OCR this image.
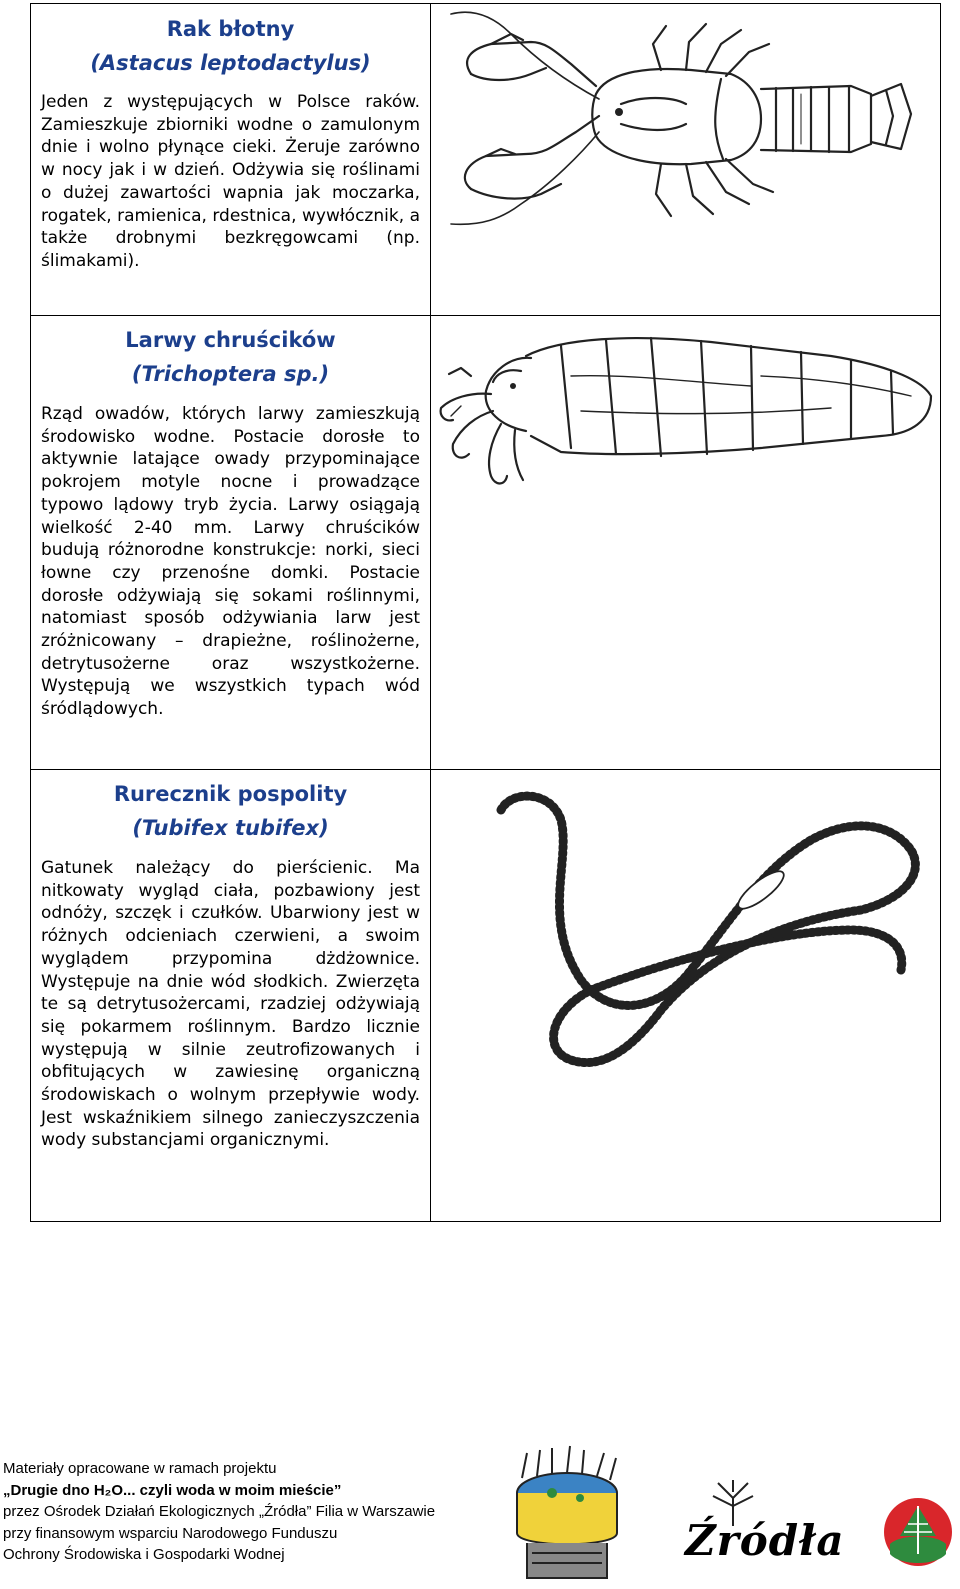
Rak błotny

(Astacus leptodactylus)

Jeden z występujących w Polsce raków. Zamieszkuje zbiorniki wodne o zamulonym dnie i wolno płynące cieki. Żeruje zarówno w nocy jak i w dzień. Odżywia się roślinami o dużej zawartości wapnia jak moczarka, rogatek, ramienica, rdestnica, wywłócznik, a także drobnymi bezkręgowcami (np. ślimakami).

Larwy chruścików

(Trichoptera sp.)

Rząd owadów, których larwy zamieszkują środowisko wodne. Postacie dorosłe to aktywnie latające owady przypominające pokrojem motyle nocne i prowadzące typowo lądowy tryb życia. Larwy osiągają wielkość 2-40 mm. Larwy chruścików budują różnorodne konstrukcje: norki, sieci łowne czy przenośne domki. Postacie dorosłe odżywiają się sokami roślinnymi, natomiast sposób odżywiania larw jest zróżnicowany – drapieżne, roślinożerne, detrytusożerne oraz wszystkożerne. Występują we wszystkich typach wód śródlądowych.

Rurecznik pospolity

(Tubifex tubifex)

Gatunek należący do pierścienic. Ma nitkowaty wygląd ciała, pozbawiony jest odnóży, szczęk i czułków. Ubarwiony jest w różnych odcieniach czerwieni, a swoim wyglądem przypomina dżdżownice. Występuje na dnie wód słodkich. Zwierzęta te są detrytusożercami, rzadziej odżywiają się pokarmem roślinnym. Bardzo licznie występują w silnie zeutrofizowanych i obfitujących w zawiesinę organiczną środowiskach o wolnym przepływie wody. Jest wskaźnikiem silnego zanieczyszczenia wody substancjami organicznymi.

Materiały opracowane w ramach projektu
„Drugie dno H₂O... czyli woda w moim mieście”
przez Ośrodek Działań Ekologicznych „Źródła” Filia w Warszawie
przy finansowym wsparciu Narodowego Funduszu
Ochrony Środowiska i Gospodarki Wodnej	Źródła
